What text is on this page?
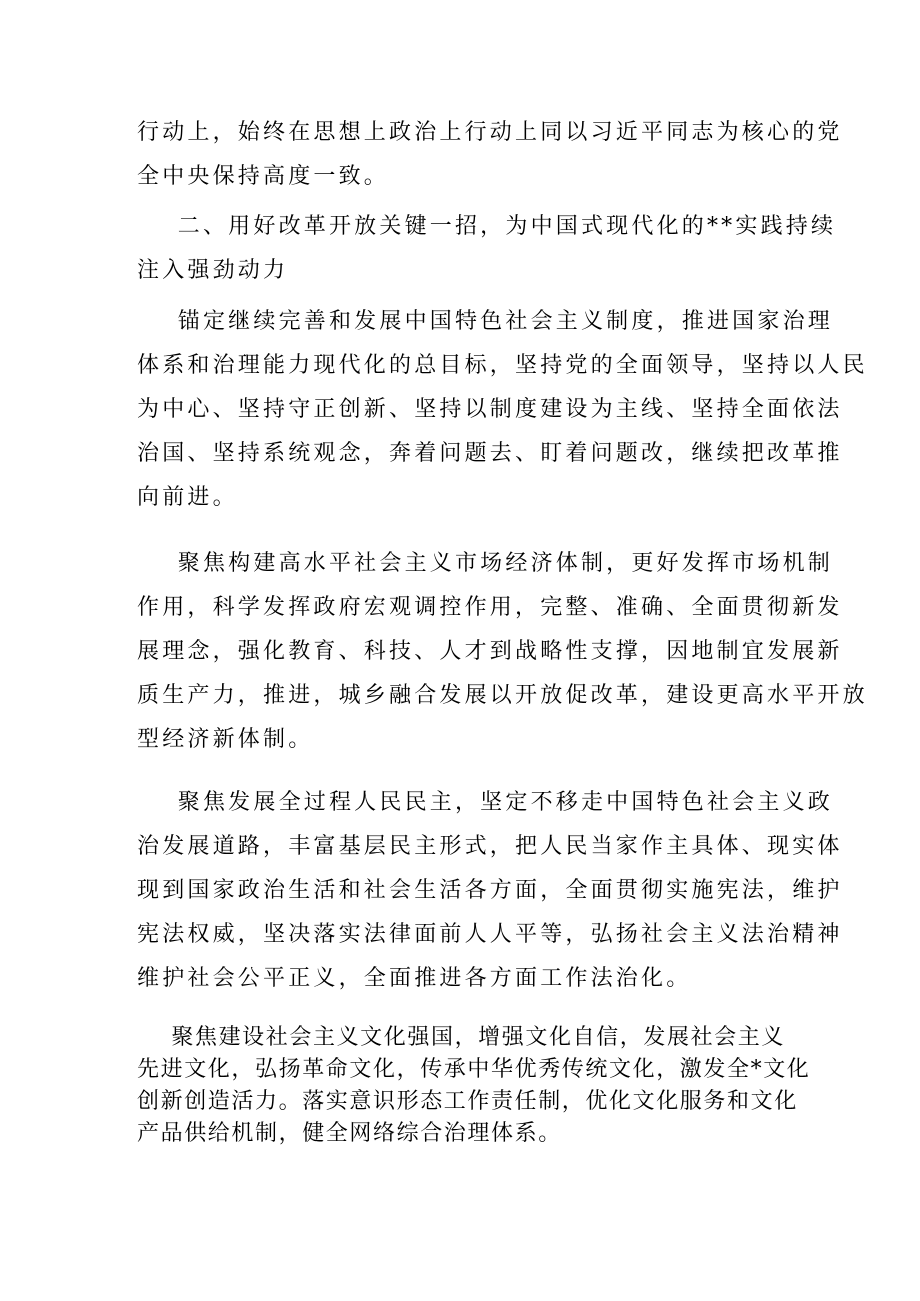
行动上，始终在思想上政治上行动上同以习近平同志为核心的党
全中央保持高度一致。
二、用好改革开放关键一招，为中国式现代化的**实践持续
注入强劲动力
锚定继续完善和发展中国特色社会主义制度，推进国家治理
体系和治理能力现代化的总目标，坚持党的全面领导，坚持以人民
为中心、坚持守正创新、坚持以制度建设为主线、坚持全面依法
治国、坚持系统观念，奔着问题去、盯着问题改，继续把改革推
向前进。
聚焦构建高水平社会主义市场经济体制，更好发挥市场机制
作用，科学发挥政府宏观调控作用，完整、准确、全面贯彻新发
展理念，强化教育、科技、人才到战略性支撑，因地制宜发展新
质生产力，推进，城乡融合发展以开放促改革，建设更高水平开放
型经济新体制。
聚焦发展全过程人民民主，坚定不移走中国特色社会主义政
治发展道路，丰富基层民主形式，把人民当家作主具体、现实体
现到国家政治生活和社会生活各方面，全面贯彻实施宪法，维护
宪法权威，坚决落实法律面前人人平等，弘扬社会主义法治精神
维护社会公平正义，全面推进各方面工作法治化。
聚焦建设社会主义文化强国，增强文化自信，发展社会主义
先进文化，弘扬革命文化，传承中华优秀传统文化，激发全*文化
创新创造活力。落实意识形态工作责任制，优化文化服务和文化
产品供给机制，健全网络综合治理体系。
